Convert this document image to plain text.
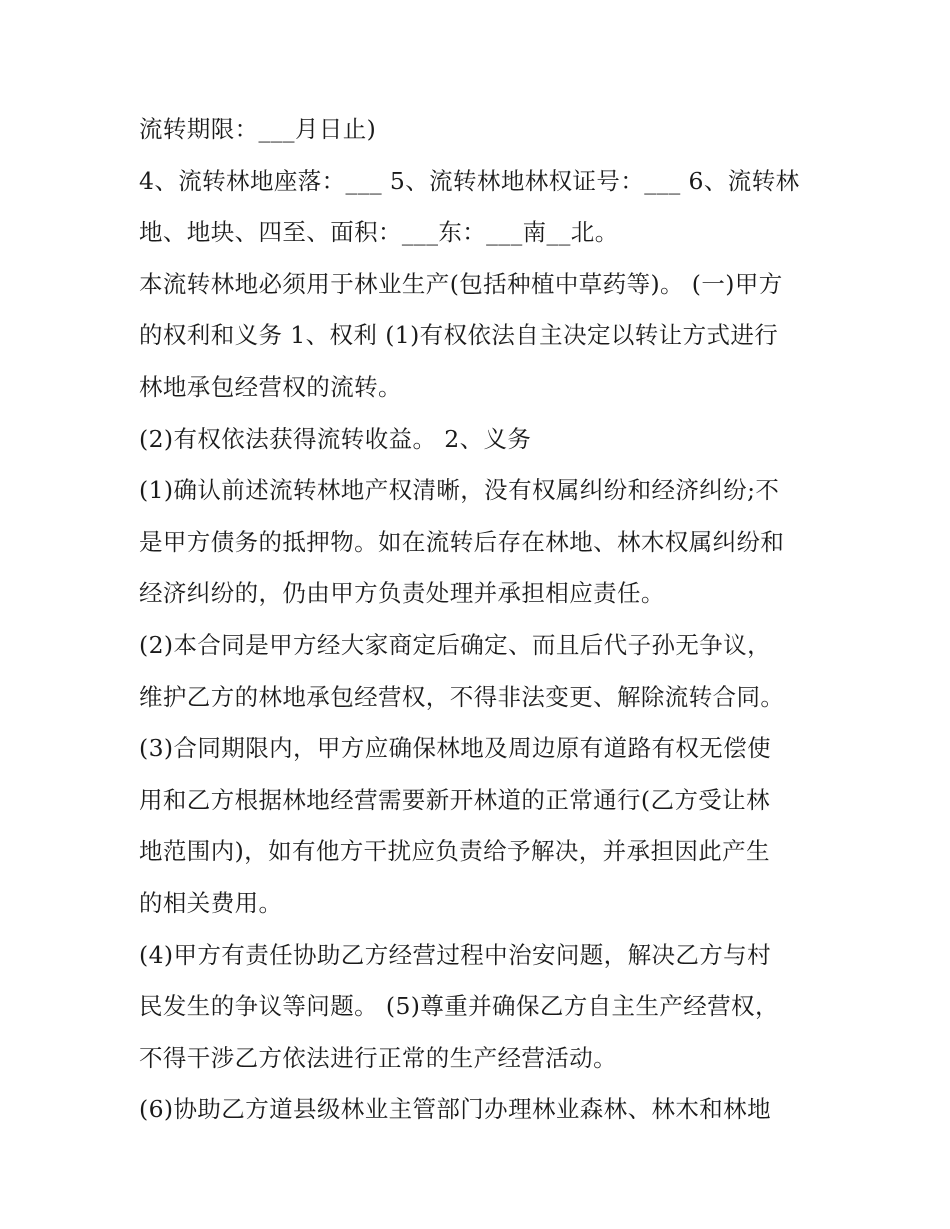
流转期限：___月日止)
4、流转林地座落：___ 5、流转林地林权证号：___ 6、流转林
地、地块、四至、面积：___东：___南__北。
本流转林地必须用于林业生产(包括种植中草药等)。 (一)甲方
的权利和义务 1、权利 (1)有权依法自主决定以转让方式进行
林地承包经营权的流转。
(2)有权依法获得流转收益。 2、义务
(1)确认前述流转林地产权清晰，没有权属纠纷和经济纠纷;不
是甲方债务的抵押物。如在流转后存在林地、林木权属纠纷和
经济纠纷的，仍由甲方负责处理并承担相应责任。
(2)本合同是甲方经大家商定后确定、而且后代子孙无争议，
维护乙方的林地承包经营权，不得非法变更、解除流转合同。
(3)合同期限内，甲方应确保林地及周边原有道路有权无偿使
用和乙方根据林地经营需要新开林道的正常通行(乙方受让林
地范围内)，如有他方干扰应负责给予解决，并承担因此产生
的相关费用。
(4)甲方有责任协助乙方经营过程中治安问题，解决乙方与村
民发生的争议等问题。 (5)尊重并确保乙方自主生产经营权，
不得干涉乙方依法进行正常的生产经营活动。
(6)协助乙方道县级林业主管部门办理林业森林、林木和林地
